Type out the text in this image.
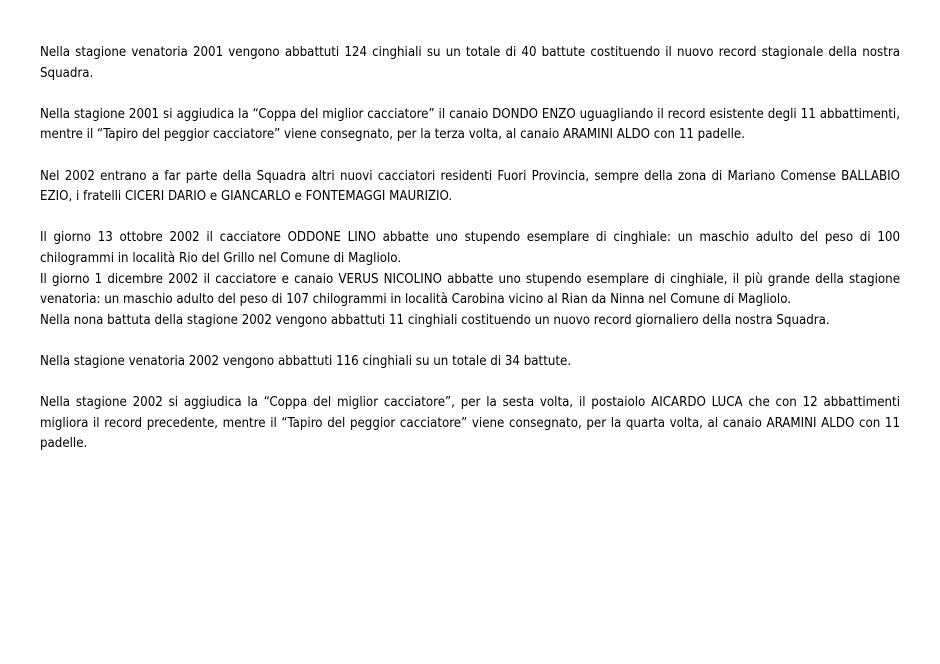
Nella stagione venatoria 2001 vengono abbattuti 124 cinghiali su un totale di 40 battute costituendo il nuovo record stagionale della nostra Squadra.

Nella stagione 2001 si aggiudica la “Coppa del miglior cacciatore” il canaio DONDO ENZO uguagliando il record esistente degli 11 abbattimenti, mentre il “Tapiro del peggior cacciatore” viene consegnato, per la terza volta, al canaio ARAMINI ALDO con 11 padelle.

Nel 2002 entrano a far parte della Squadra altri nuovi cacciatori residenti Fuori Provincia, sempre della zona di Mariano Comense BALLABIO EZIO, i fratelli CICERI DARIO e GIANCARLO e FONTEMAGGI MAURIZIO.

Il giorno 13 ottobre 2002 il cacciatore ODDONE LINO abbatte uno stupendo esemplare di cinghiale: un maschio adulto del peso di 100 chilogrammi in località Rio del Grillo nel Comune di Magliolo.

Il giorno 1 dicembre 2002 il cacciatore e canaio VERUS NICOLINO abbatte uno stupendo esemplare di cinghiale, il più grande della stagione venatoria: un maschio adulto del peso di 107 chilogrammi in località Carobina vicino al Rian da Ninna nel Comune di Magliolo.

Nella nona battuta della stagione 2002 vengono abbattuti 11 cinghiali costituendo un nuovo record giornaliero della nostra Squadra.

Nella stagione venatoria 2002 vengono abbattuti 116 cinghiali su un totale di 34 battute.

Nella stagione 2002 si aggiudica la “Coppa del miglior cacciatore”, per la sesta volta, il postaiolo AICARDO LUCA che con 12 abbattimenti migliora il record precedente, mentre il “Tapiro del peggior cacciatore” viene consegnato, per la quarta volta, al canaio ARAMINI ALDO con 11 padelle.
